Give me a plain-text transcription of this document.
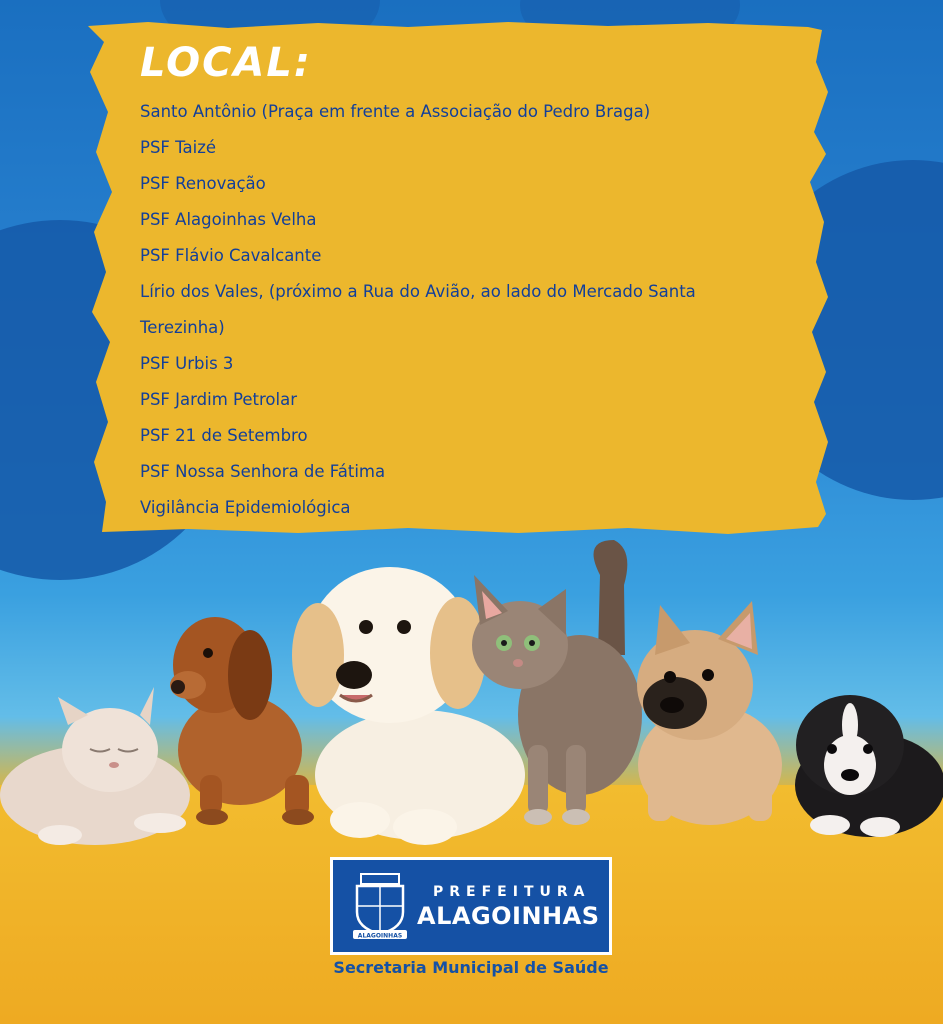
LOCAL:
Santo Antônio (Praça em frente a Associação do Pedro Braga)
PSF Taizé
PSF Renovação
PSF Alagoinhas Velha
PSF Flávio Cavalcante
Lírio dos Vales, (próximo a Rua do Avião, ao lado do Mercado Santa
Terezinha)
PSF Urbis 3
PSF Jardim Petrolar
PSF 21 de Setembro
PSF Nossa Senhora de Fátima
Vigilância Epidemiológica
ALAGOINHAS
PREFEITURA
ALAGOINHAS
Secretaria Municipal de Saúde
